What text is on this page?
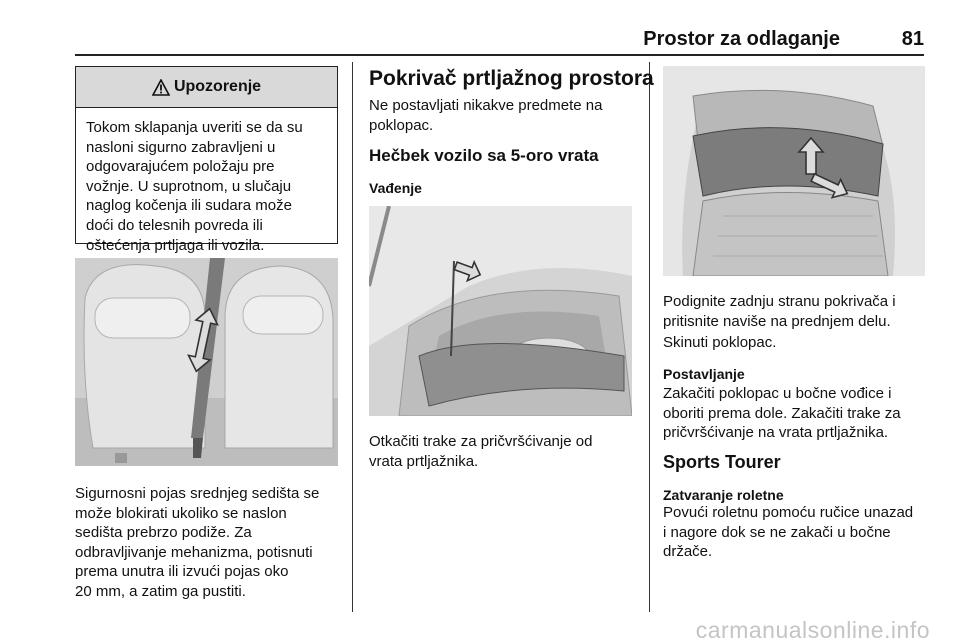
Prostor za odlaganje	81
Upozorenje
Tokom sklapanja uveriti se da su
nasloni sigurno zabravljeni u
odgovarajućem položaju pre
vožnje. U suprotnom, u slučaju
naglog kočenja ili sudara može
doći do telesnih povreda ili
oštećenja prtljaga ili vozila.
Sigurnosni pojas srednjeg sedišta se
može blokirati ukoliko se naslon
sedišta prebrzo podiže. Za
odbravljivanje mehanizma, potisnuti
prema unutra ili izvući pojas oko
20 mm, a zatim ga pustiti.
Pokrivač prtljažnog prostora
Ne postavljati nikakve predmete na
poklopac.
Hečbek vozilo sa 5-oro vrata
Vađenje
Otkačiti trake za pričvršćivanje od
vrata prtljažnika.
Podignite zadnju stranu pokrivača i
pritisnite naviše na prednjem delu.
Skinuti poklopac.
Postavljanje
Zakačiti poklopac u bočne vođice i
oboriti prema dole. Zakačiti trake za
pričvršćivanje na vrata prtljažnika.
Sports Tourer
Zatvaranje roletne
Povući roletnu pomoću ručice unazad
i nagore dok se ne zakači u bočne
držače.
carmanualsonline.info
